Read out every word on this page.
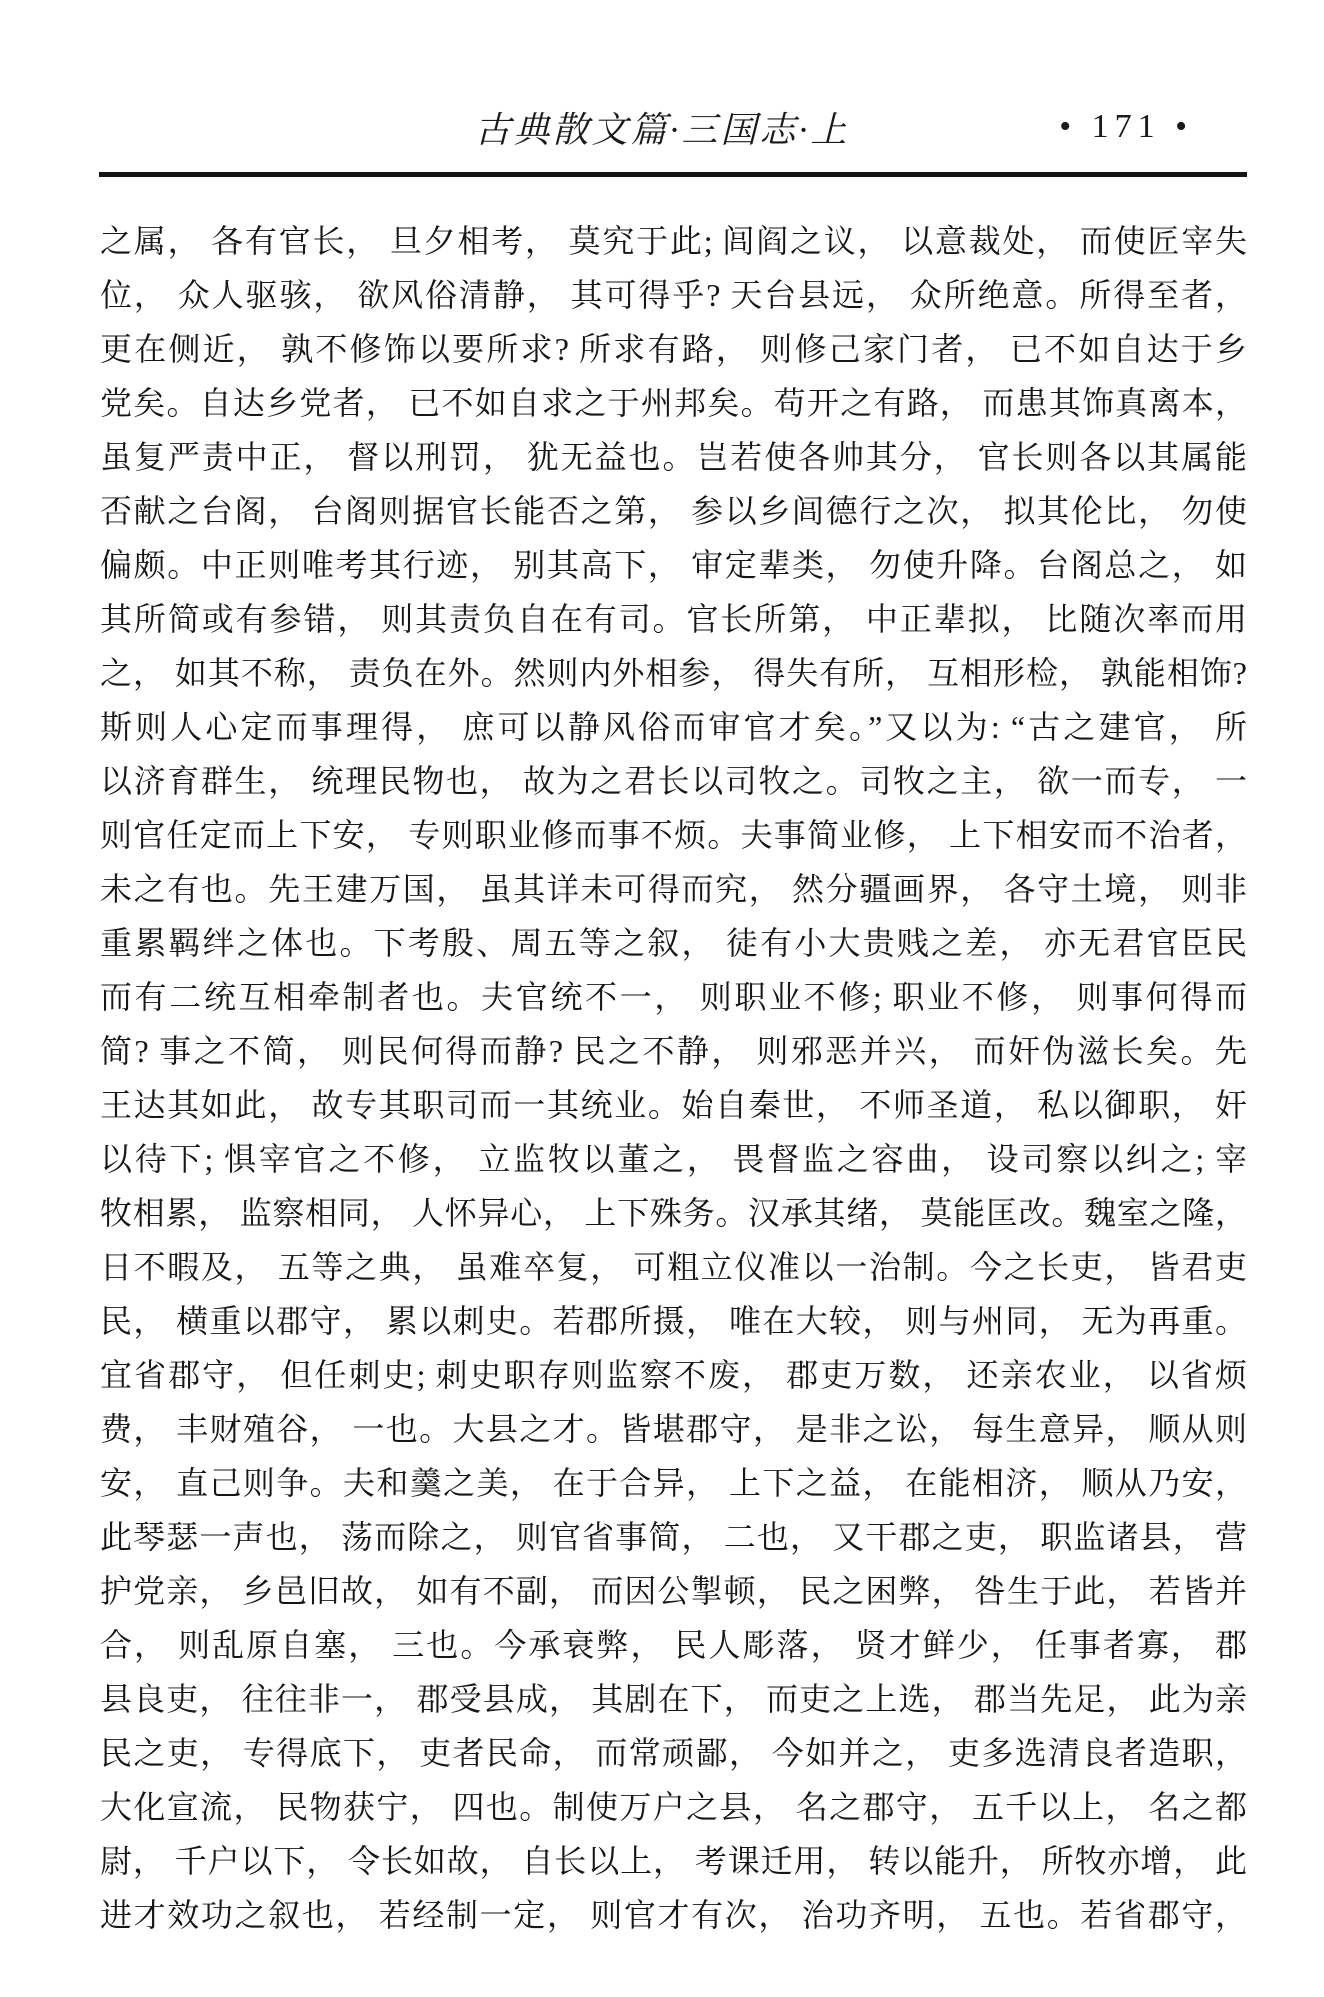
古典散文篇·三国志·上	• 171 •
之属， 各有官长， 旦夕相考， 莫究于此; 闾阎之议， 以意裁处， 而使匠宰失
位， 众人驱骇， 欲风俗清静， 其可得乎? 天台县远， 众所绝意。所得至者，
更在侧近， 孰不修饰以要所求? 所求有路， 则修己家门者， 已不如自达于乡
党矣。自达乡党者， 已不如自求之于州邦矣。苟开之有路， 而患其饰真离本，
虽复严责中正， 督以刑罚， 犹无益也。岂若使各帅其分， 官长则各以其属能
否献之台阁， 台阁则据官长能否之第， 参以乡闾德行之次， 拟其伦比， 勿使
偏颇。中正则唯考其行迹， 别其高下， 审定辈类， 勿使升降。台阁总之， 如
其所简或有参错， 则其责负自在有司。官长所第， 中正辈拟， 比随次率而用
之， 如其不称， 责负在外。然则内外相参， 得失有所， 互相形检， 孰能相饰?
斯则人心定而事理得， 庶可以静风俗而审官才矣。”又以为: “古之建官， 所
以济育群生， 统理民物也， 故为之君长以司牧之。司牧之主， 欲一而专， 一
则官任定而上下安， 专则职业修而事不烦。夫事简业修， 上下相安而不治者，
未之有也。先王建万国， 虽其详未可得而究， 然分疆画界， 各守土境， 则非
重累羁绊之体也。下考殷、周五等之叙， 徒有小大贵贱之差， 亦无君官臣民
而有二统互相牵制者也。夫官统不一， 则职业不修; 职业不修， 则事何得而
简? 事之不简， 则民何得而静? 民之不静， 则邪恶并兴， 而奸伪滋长矣。先
王达其如此， 故专其职司而一其统业。始自秦世， 不师圣道， 私以御职， 奸
以待下; 惧宰官之不修， 立监牧以董之， 畏督监之容曲， 设司察以纠之; 宰
牧相累， 监察相同， 人怀异心， 上下殊务。汉承其绪， 莫能匡改。魏室之隆，
日不暇及， 五等之典， 虽难卒复， 可粗立仪准以一治制。今之长吏， 皆君吏
民， 横重以郡守， 累以刺史。若郡所摄， 唯在大较， 则与州同， 无为再重。
宜省郡守， 但任刺史; 刺史职存则监察不废， 郡吏万数， 还亲农业， 以省烦
费， 丰财殖谷， 一也。大县之才。皆堪郡守， 是非之讼， 每生意异， 顺从则
安， 直己则争。夫和羹之美， 在于合异， 上下之益， 在能相济， 顺从乃安，
此琴瑟一声也， 荡而除之， 则官省事简， 二也， 又干郡之吏， 职监诸县， 营
护党亲， 乡邑旧故， 如有不副， 而因公掣顿， 民之困弊， 咎生于此， 若皆并
合， 则乱原自塞， 三也。今承衰弊， 民人彫落， 贤才鲜少， 任事者寡， 郡
县良吏， 往往非一， 郡受县成， 其剧在下， 而吏之上选， 郡当先足， 此为亲
民之吏， 专得底下， 吏者民命， 而常顽鄙， 今如并之， 吏多选清良者造职，
大化宣流， 民物获宁， 四也。制使万户之县， 名之郡守， 五千以上， 名之都
尉， 千户以下， 令长如故， 自长以上， 考课迁用， 转以能升， 所牧亦增， 此
进才效功之叙也， 若经制一定， 则官才有次， 治功齐明， 五也。若省郡守，
